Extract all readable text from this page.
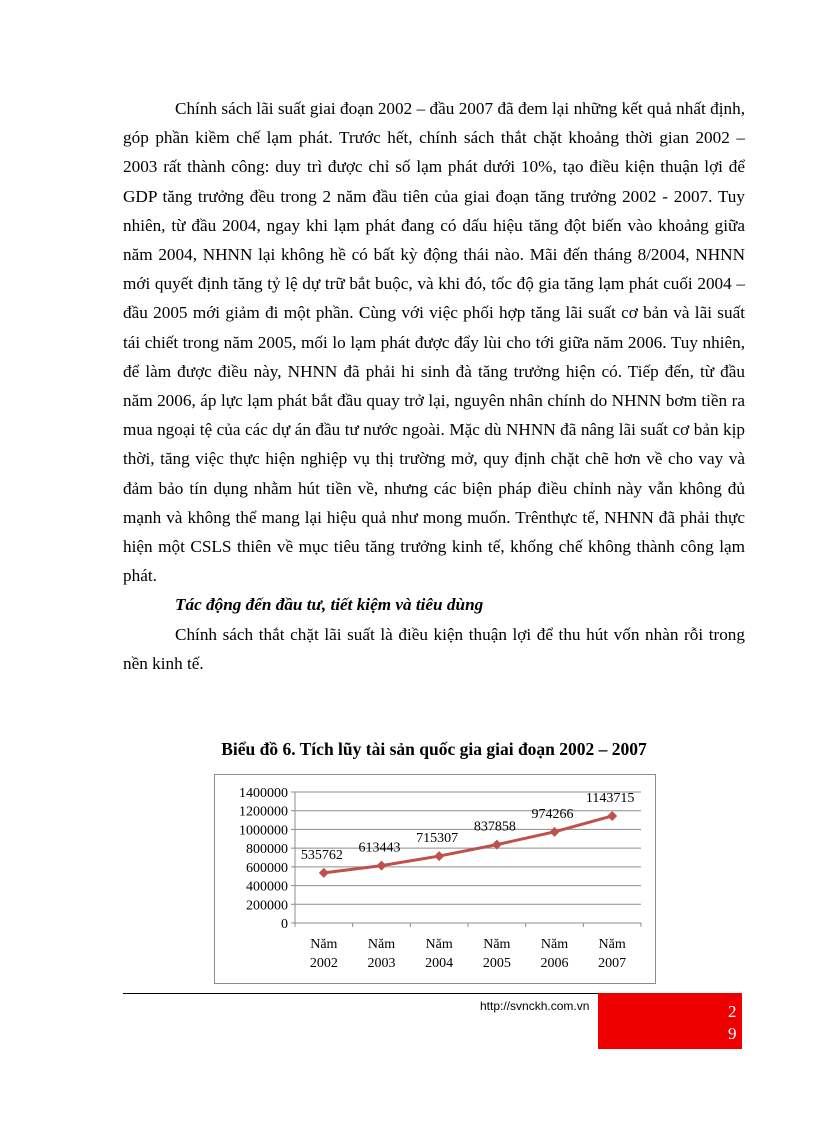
Chính sách lãi suất giai đoạn 2002 – đầu 2007 đã đem lại những kết quả nhất định, góp phần kiềm chế lạm phát. Trước hết, chính sách thắt chặt khoảng thời gian 2002 – 2003 rất thành công: duy trì được chỉ số lạm phát dưới 10%, tạo điều kiện thuận lợi để GDP tăng trưởng đều trong 2 năm đầu tiên của giai đoạn tăng trưởng 2002 - 2007. Tuy nhiên, từ đầu 2004, ngay khi lạm phát đang có dấu hiệu tăng đột biến vào khoảng giữa năm 2004, NHNN lại không hề có bất kỳ động thái nào. Mãi đến tháng 8/2004, NHNN mới quyết định tăng tỷ lệ dự trữ bắt buộc, và khi đó, tốc độ gia tăng lạm phát cuối 2004 – đầu 2005 mới giảm đi một phần. Cùng với việc phối hợp tăng lãi suất cơ bản và lãi suất tái chiết trong năm 2005, mối lo lạm phát được đẩy lùi cho tới giữa năm 2006. Tuy nhiên, để làm được điều này, NHNN đã phải hi sinh đà tăng trưởng hiện có. Tiếp đến, từ đầu năm 2006, áp lực lạm phát bắt đầu quay trở lại, nguyên nhân chính do NHNN bơm tiền ra mua ngoại tệ của các dự án đầu tư nước ngoài. Mặc dù NHNN đã nâng lãi suất cơ bản kịp thời, tăng việc thực hiện nghiệp vụ thị trường mở, quy định chặt chẽ hơn về cho vay và đảm bảo tín dụng nhằm hút tiền về, nhưng các biện pháp điều chỉnh này vẫn không đủ mạnh và không thể mang lại hiệu quả như mong muốn. Trênthực tế, NHNN đã phải thực hiện một CSLS thiên về mục tiêu tăng trưởng kinh tế, khống chế không thành công lạm phát.

Tác động đến đầu tư, tiết kiệm và tiêu dùng

Chính sách thắt chặt lãi suất là điều kiện thuận lợi để thu hút vốn nhàn rỗi trong nền kinh tế.

Biểu đồ 6. Tích lũy tài sản quốc gia giai đoạn 2002 – 2007
0
200000
400000
600000
800000
1000000
1200000
1400000
Năm
2002
Năm
2003
Năm
2004
Năm
2005
Năm
2006
Năm
2007
535762 613443
715307
837858
974266
1143715
http://svnckh.com.vn	2
9
